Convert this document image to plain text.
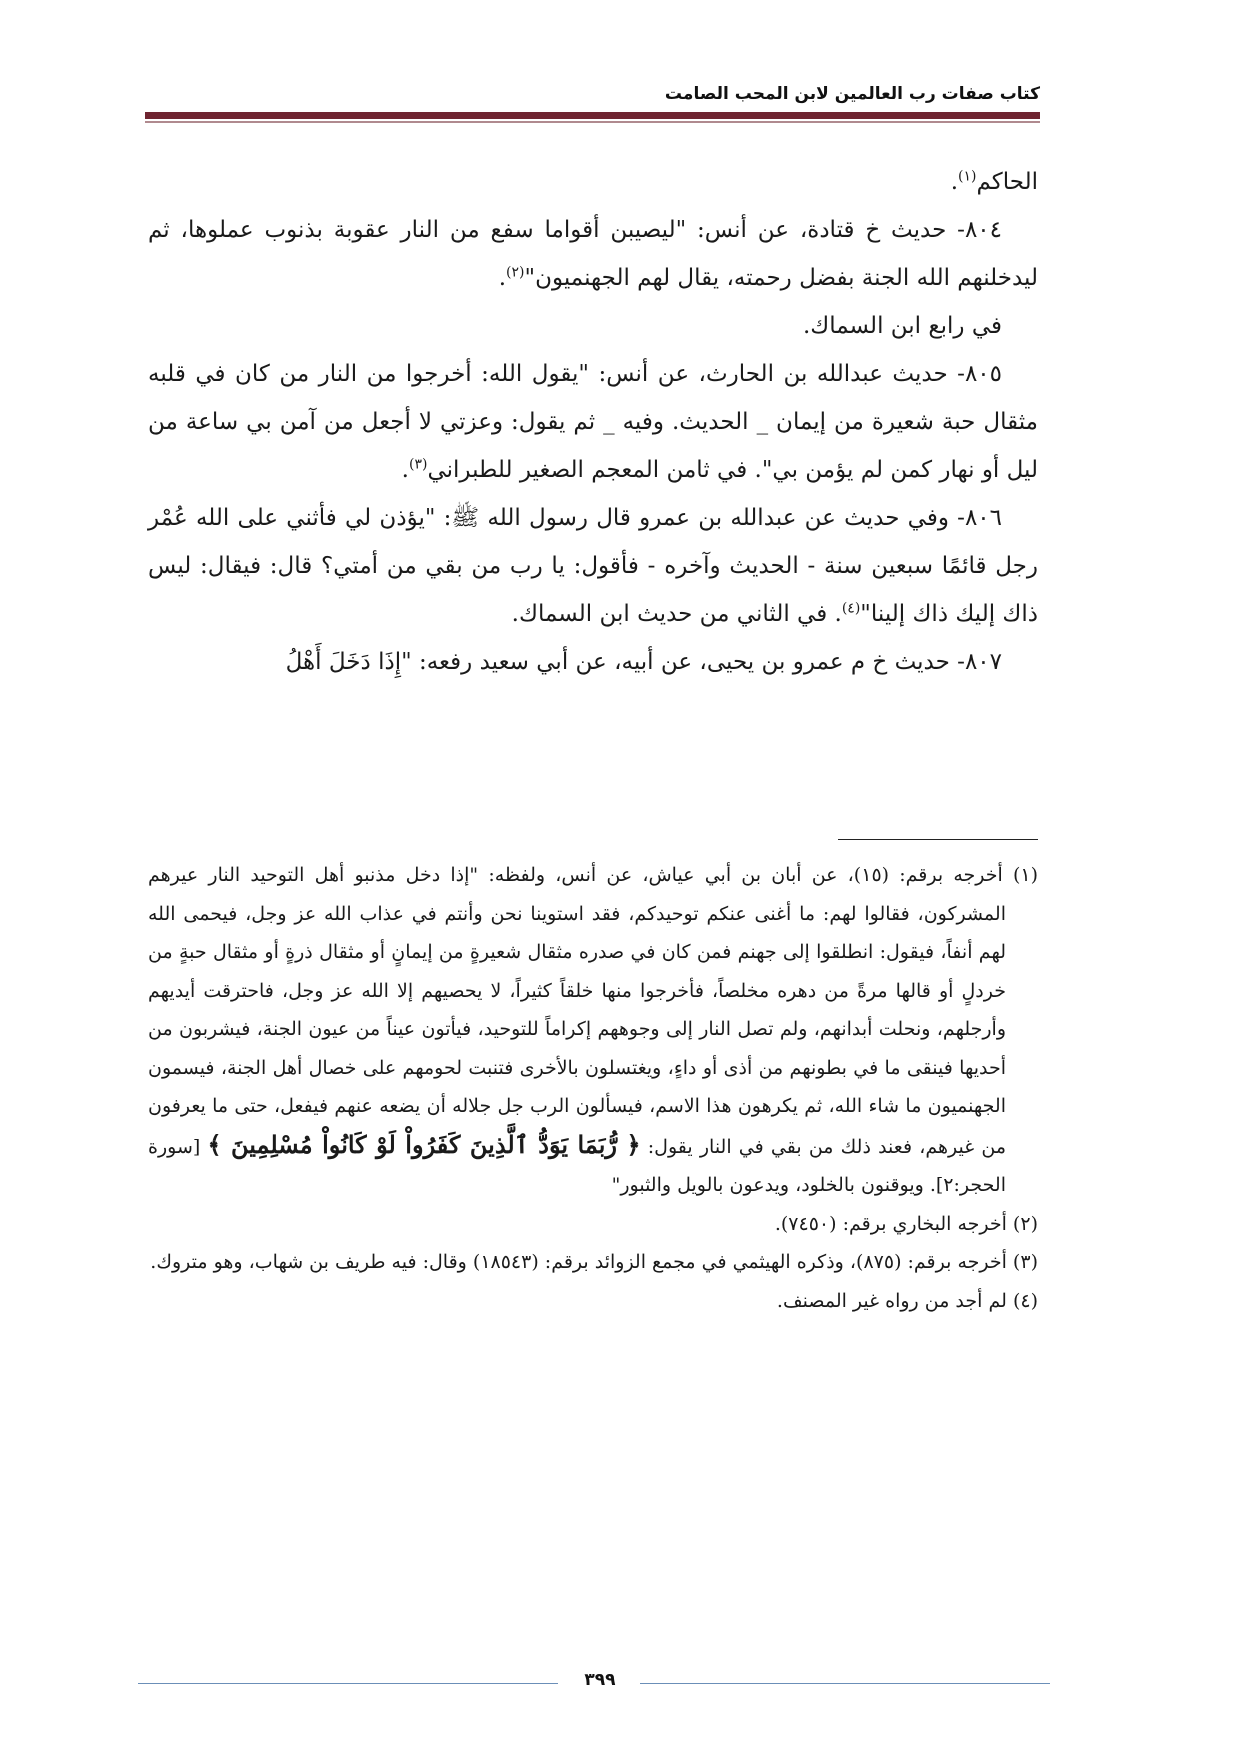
كتاب صفات رب العالمين لابن المحب الصامت

الحاكم$^{(١)}$.

٨٠٤- حديث خ قتادة، عن أنس: "ليصيبن أقواما سفع من النار عقوبة بذنوب عملوها، ثم ليدخلنهم الله الجنة بفضل رحمته، يقال لهم الجهنميون"$^{(٢)}$.

في رابع ابن السماك.

٨٠٥- حديث عبدالله بن الحارث، عن أنس: "يقول الله: أخرجوا من النار من كان في قلبه مثقال حبة شعيرة من إيمان _ الحديث. وفيه _ ثم يقول: وعزتي لا أجعل من آمن بي ساعة من ليل أو نهار كمن لم يؤمن بي". في ثامن المعجم الصغير للطبراني$^{(٣)}$.

٨٠٦- وفي حديث عن عبدالله بن عمرو قال رسول الله ﷺ: "يؤذن لي فأثني على الله عُمْر رجل قائمًا سبعين سنة - الحديث وآخره - فأقول: يا رب من بقي من أمتي؟ قال: فيقال: ليس ذاك إليك ذاك إلينا"$^{(٤)}$. في الثاني من حديث ابن السماك.

٨٠٧- حديث خ م عمرو بن يحيى، عن أبيه، عن أبي سعيد رفعه: "إِذَا دَخَلَ أَهْلُ

(١) أخرجه برقم: (١٥)، عن أبان بن أبي عياش، عن أنس، ولفظه: "إذا دخل مذنبو أهل التوحيد النار عيرهم المشركون، فقالوا لهم: ما أغنى عنكم توحيدكم، فقد استوينا نحن وأنتم في عذاب الله عز وجل، فيحمى الله لهم أنفاً، فيقول: انطلقوا إلى جهنم فمن كان في صدره مثقال شعيرةٍ من إيمانٍ أو مثقال ذرةٍ أو مثقال حبةٍ من خردلٍ أو قالها مرةً من دهره مخلصاً، فأخرجوا منها خلقاً كثيراً، لا يحصيهم إلا الله عز وجل، فاحترقت أيديهم وأرجلهم، ونحلت أبدانهم، ولم تصل النار إلى وجوههم إكراماً للتوحيد، فيأتون عيناً من عيون الجنة، فيشربون من أحديها فينقى ما في بطونهم من أذى أو داءٍ، ويغتسلون بالأخرى فتنبت لحومهم على خصال أهل الجنة، فيسمون الجهنميون ما شاء الله، ثم يكرهون هذا الاسم، فيسألون الرب جل جلاله أن يضعه عنهم فيفعل، حتى ما يعرفون من غيرهم، فعند ذلك من بقي في النار يقول: ﴿ رُّبَمَا يَوَدُّ ٱلَّذِينَ كَفَرُواْ لَوْ كَانُواْ مُسْلِمِينَ ﴾ [سورة الحجر:٢]. ويوقنون بالخلود، ويدعون بالويل والثبور"

(٢) أخرجه البخاري برقم: (٧٤٥٠).

(٣) أخرجه برقم: (٨٧٥)، وذكره الهيثمي في مجمع الزوائد برقم: (١٨٥٤٣) وقال: فيه طريف بن شهاب، وهو متروك.

(٤) لم أجد من رواه غير المصنف.

٣٩٩
